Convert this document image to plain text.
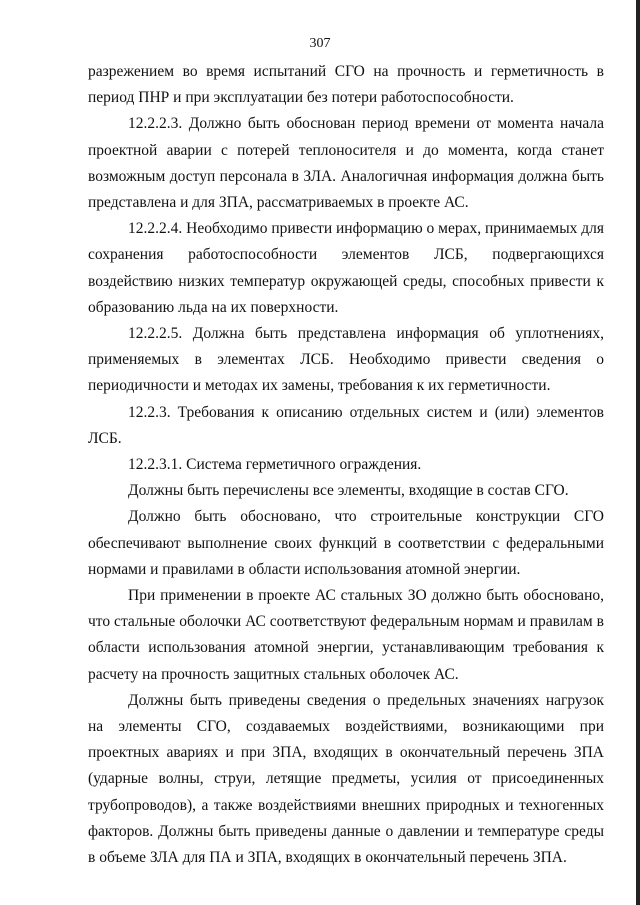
307

разрежением во время испытаний СГО на прочность и герметичность в период ПНР и при эксплуатации без потери работоспособности.

12.2.2.3. Должно быть обоснован период времени от момента начала проектной аварии с потерей теплоносителя и до момента, когда станет возможным доступ персонала в ЗЛА. Аналогичная информация должна быть представлена и для ЗПА, рассматриваемых в проекте АС.

12.2.2.4. Необходимо привести информацию о мерах, принимаемых для сохранения работоспособности элементов ЛСБ, подвергающихся воздействию низких температур окружающей среды, способных привести к образованию льда на их поверхности.

12.2.2.5. Должна быть представлена информация об уплотнениях, применяемых в элементах ЛСБ. Необходимо привести сведения о периодичности и методах их замены, требования к их герметичности.

12.2.3. Требования к описанию отдельных систем и (или) элементов ЛСБ.

12.2.3.1. Система герметичного ограждения.

Должны быть перечислены все элементы, входящие в состав СГО.

Должно быть обосновано, что строительные конструкции СГО обеспечивают выполнение своих функций в соответствии с федеральными нормами и правилами в области использования атомной энергии.

При применении в проекте АС стальных ЗО должно быть обосновано, что стальные оболочки АС соответствуют федеральным нормам и правилам в области использования атомной энергии, устанавливающим требования к расчету на прочность защитных стальных оболочек АС.

Должны быть приведены сведения о предельных значениях нагрузок на элементы СГО, создаваемых воздействиями, возникающими при проектных авариях и при ЗПА, входящих в окончательный перечень ЗПА (ударные волны, струи, летящие предметы, усилия от присоединенных трубопроводов), а также воздействиями внешних природных и техногенных факторов. Должны быть приведены данные о давлении и температуре среды в объеме ЗЛА для ПА и ЗПА, входящих в окончательный перечень ЗПА.
